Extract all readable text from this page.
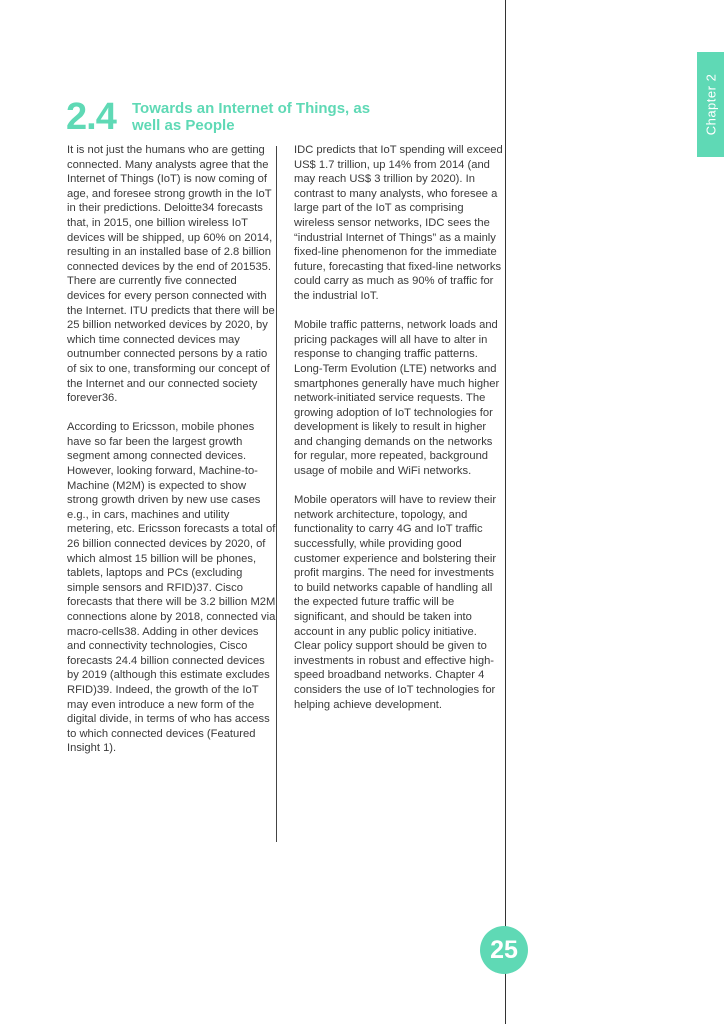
Chapter 2
2.4 Towards an Internet of Things, as well as People

It is not just the humans who are getting connected. Many analysts agree that the Internet of Things (IoT) is now coming of age, and foresee strong growth in the IoT in their predictions. Deloitte34 forecasts that, in 2015, one billion wireless IoT devices will be shipped, up 60% on 2014, resulting in an installed base of 2.8 billion connected devices by the end of 201535. There are currently five connected devices for every person connected with the Internet. ITU predicts that there will be 25 billion networked devices by 2020, by which time connected devices may outnumber connected persons by a ratio of six to one, transforming our concept of the Internet and our connected society forever36.

According to Ericsson, mobile phones have so far been the largest growth segment among connected devices. However, looking forward, Machine-to-Machine (M2M) is expected to show strong growth driven by new use cases e.g., in cars, machines and utility metering, etc. Ericsson forecasts a total of 26 billion connected devices by 2020, of which almost 15 billion will be phones, tablets, laptops and PCs (excluding simple sensors and RFID)37. Cisco forecasts that there will be 3.2 billion M2M connections alone by 2018, connected via macro-cells38. Adding in other devices and connectivity technologies, Cisco forecasts 24.4 billion connected devices by 2019 (although this estimate excludes RFID)39. Indeed, the growth of the IoT may even introduce a new form of the digital divide, in terms of who has access to which connected devices (Featured Insight 1).

IDC predicts that IoT spending will exceed US$ 1.7 trillion, up 14% from 2014 (and may reach US$ 3 trillion by 2020). In contrast to many analysts, who foresee a large part of the IoT as comprising wireless sensor networks, IDC sees the “industrial Internet of Things” as a mainly fixed-line phenomenon for the immediate future, forecasting that fixed-line networks could carry as much as 90% of traffic for the industrial IoT.

Mobile traffic patterns, network loads and pricing packages will all have to alter in response to changing traffic patterns. Long-Term Evolution (LTE) networks and smartphones generally have much higher network-initiated service requests. The growing adoption of IoT technologies for development is likely to result in higher and changing demands on the networks for regular, more repeated, background usage of mobile and WiFi networks.

Mobile operators will have to review their network architecture, topology, and functionality to carry 4G and IoT traffic successfully, while providing good customer experience and bolstering their profit margins. The need for investments to build networks capable of handling all the expected future traffic will be significant, and should be taken into account in any public policy initiative. Clear policy support should be given to investments in robust and effective high-speed broadband networks. Chapter 4 considers the use of IoT technologies for helping achieve development.

25
